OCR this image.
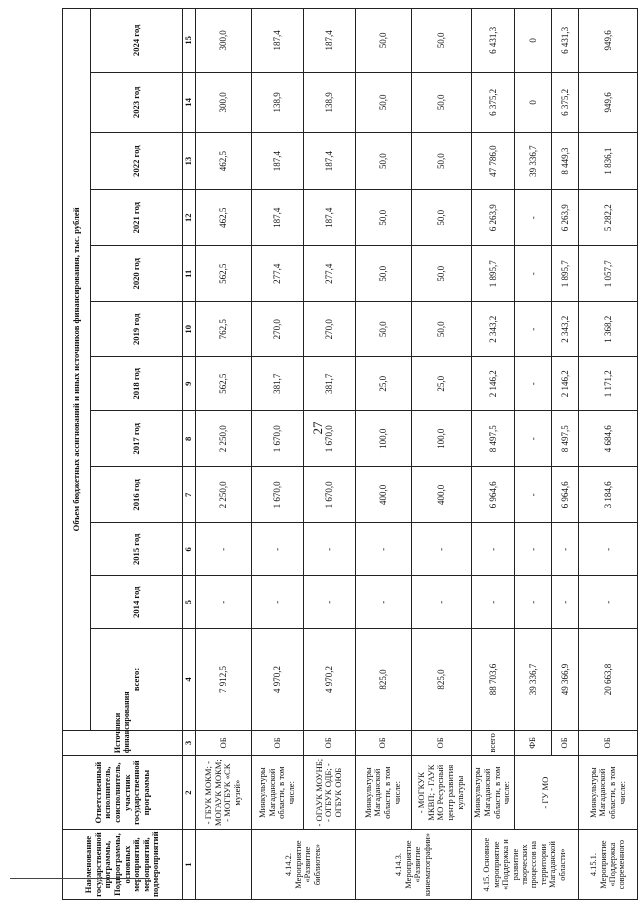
27
Наименование государственной программы, Подпрограммы, основных мероприятий, мероприятий, подмероприятий	Ответственный исполнитель, соисполнитель, участник государственной программы	Источники финансирования	Объем бюджетных ассигнований и иных источников финансирования, тыс. рублей											
			всего:	2014 год	2015 год	2016 год	2017 год	2018 год	2019 год	2020 год	2021 год	2022 год	2023 год	2024 год
1	2	3	4	5	6	7	8	9	10	11	12	13	14	15
	- ГБУК МОКМ; - МОГАУК МОКМ; - МОГБУК «СК музей»	ОБ	7 912,5	-	-	2 250,0	2 250,0	562,5	762,5	562,5	462,5	462,5	300,0	300,0
4.14.2. Мероприятие «Развитие библиотек»	Минкультуры Магаданской области, в том числе:	ОБ	4 970,2	-	-	1 670,0	1 670,0	381,7	270,0	277,4	187,4	187,4	138,9	187,4
	- ОГАУК МОУНБ; - ОГБУК ОДБ; - ОГБУК ОЮБ	ОБ	4 970,2	-	-	1 670,0	1 670,0	381,7	270,0	277,4	187,4	187,4	138,9	187,4
4.14.3. Мероприятие «Развитие кинематографии»	Минкультуры Магаданской области, в том числе:	ОБ	825,0	-	-	400,0	100,0	25,0	50,0	50,0	50,0	50,0	50,0	50,0
	- МОГКУК МКВП; - ГАУК МО Ресурсный центр развития культуры	ОБ	825,0	-	-	400,0	100,0	25,0	50,0	50,0	50,0	50,0	50,0	50,0
4.15. Основное мероприятие «Поддержка и развитие творческих процессов на территории Магаданской области»	Минкультуры Магаданской области, в том числе:	всего	88 703,6	-	-	6 964,6	8 497,5	2 146,2	2 343,2	1 895,7	6 263,9	47 786,0	6 375,2	6 431,3
	- ГУ МО	ФБ	39 336,7	-	-	-	-	-	-	-	-	39 336,7	0	0
		ОБ	49 366,9	-	-	6 964,6	8 497,5	2 146,2	2 343,2	1 895,7	6 263,9	8 449,3	6 375,2	6 431,3
4.15.1. Мероприятие «Поддержка современного	Минкультуры Магаданской области, в том числе:	ОБ	20 663,8	-	-	3 184,6	4 684,6	1 171,2	1 368,2	1 057,7	5 282,2	1 836,1	949,6	949,6
